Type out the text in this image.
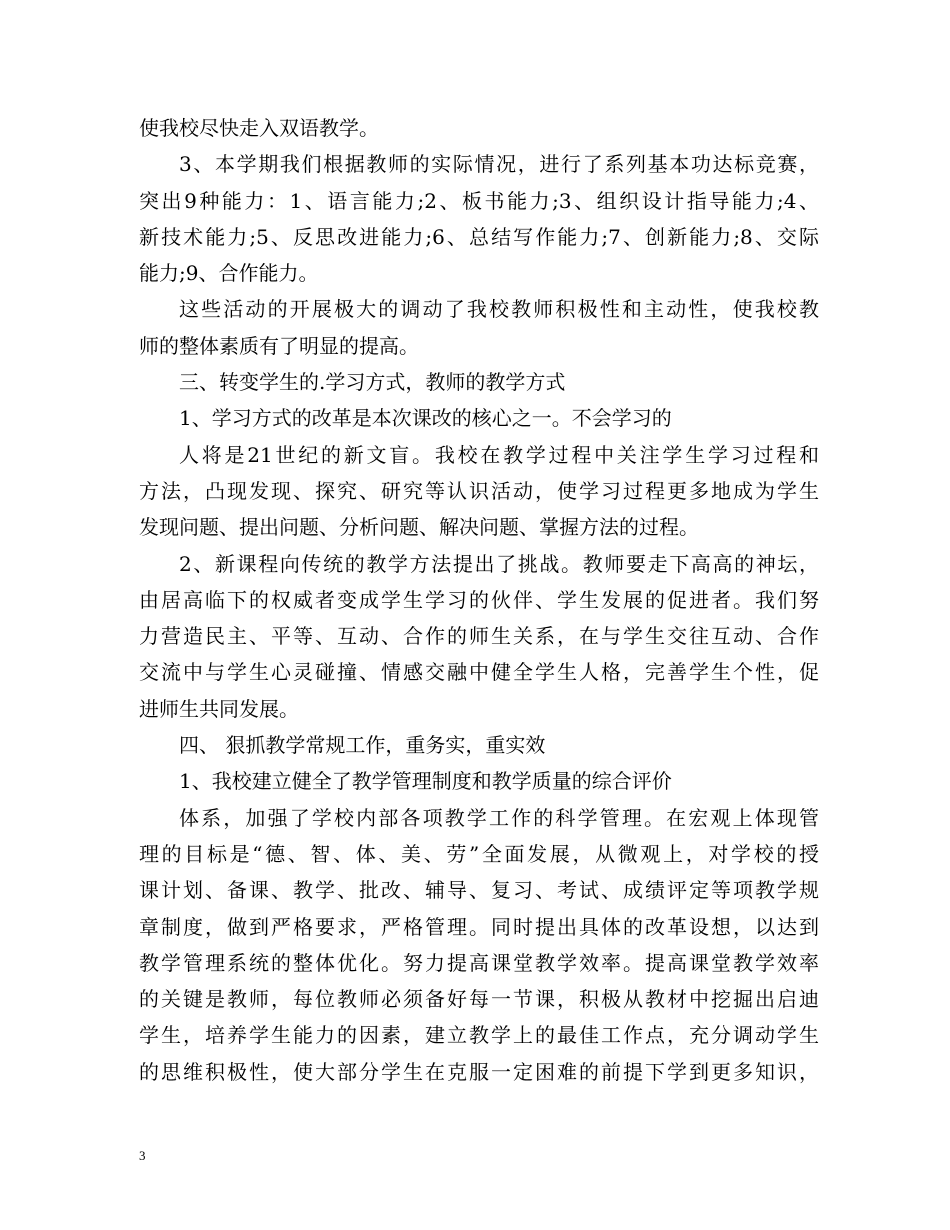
使我校尽快走入双语教学。
3、本学期我们根据教师的实际情况，进行了系列基本功达标竞赛，
突出9种能力：1、语言能力;2、板书能力;3、组织设计指导能力;4、
新技术能力;5、反思改进能力;6、总结写作能力;7、创新能力;8、交际
能力;9、合作能力。
这些活动的开展极大的调动了我校教师积极性和主动性，使我校教
师的整体素质有了明显的提高。
三、转变学生的.学习方式，教师的教学方式
1、学习方式的改革是本次课改的核心之一。不会学习的
人将是21世纪的新文盲。我校在教学过程中关注学生学习过程和
方法，凸现发现、探究、研究等认识活动，使学习过程更多地成为学生
发现问题、提出问题、分析问题、解决问题、掌握方法的过程。
2、新课程向传统的教学方法提出了挑战。教师要走下高高的神坛，
由居高临下的权威者变成学生学习的伙伴、学生发展的促进者。我们努
力营造民主、平等、互动、合作的师生关系，在与学生交往互动、合作
交流中与学生心灵碰撞、情感交融中健全学生人格，完善学生个性，促
进师生共同发展。
四、 狠抓教学常规工作，重务实，重实效
1、我校建立健全了教学管理制度和教学质量的综合评价
体系，加强了学校内部各项教学工作的科学管理。在宏观上体现管
理的目标是“德、智、体、美、劳”全面发展，从微观上，对学校的授
课计划、备课、教学、批改、辅导、复习、考试、成绩评定等项教学规
章制度，做到严格要求，严格管理。同时提出具体的改革设想，以达到
教学管理系统的整体优化。努力提高课堂教学效率。提高课堂教学效率
的关键是教师，每位教师必须备好每一节课，积极从教材中挖掘出启迪
学生，培养学生能力的因素，建立教学上的最佳工作点，充分调动学生
的思维积极性，使大部分学生在克服一定困难的前提下学到更多知识，
3
